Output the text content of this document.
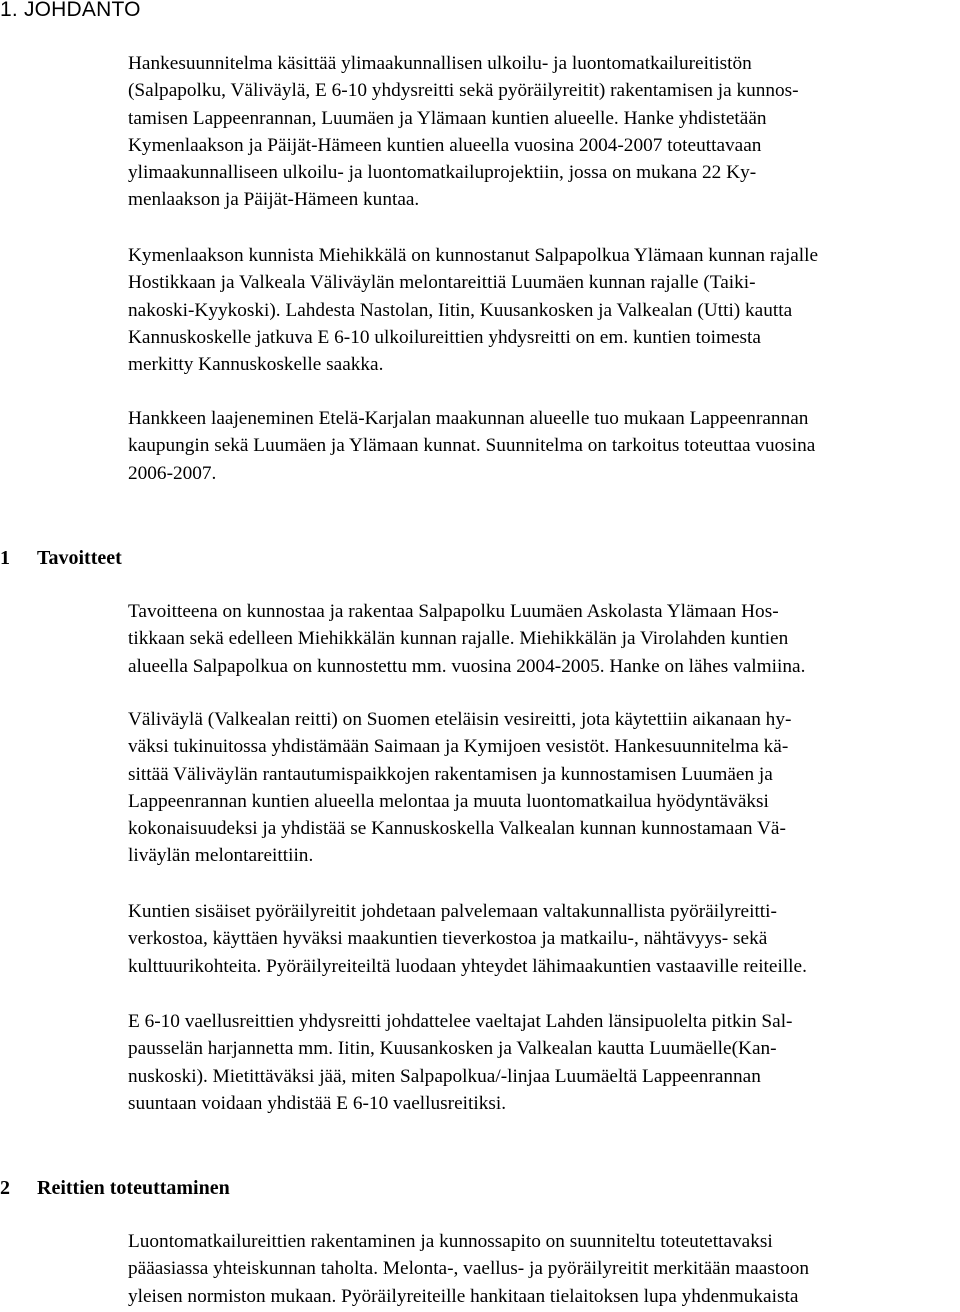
1. JOHDANTO
Hankesuunnitelma käsittää ylimaakunnallisen ulkoilu- ja luontomatkailureitistön
(Salpapolku, Väliväylä, E 6-10 yhdysreitti sekä pyöräilyreitit) rakentamisen ja kunnos-
tamisen Lappeenrannan, Luumäen ja Ylämaan kuntien alueelle. Hanke yhdistetään
Kymenlaakson ja Päijät-Hämeen kuntien alueella vuosina 2004-2007 toteuttavaan
ylimaakunnalliseen ulkoilu- ja luontomatkailuprojektiin, jossa on mukana 22 Ky-
menlaakson ja Päijät-Hämeen kuntaa.
Kymenlaakson kunnista Miehikkälä on kunnostanut Salpapolkua Ylämaan kunnan rajalle
Hostikkaan ja Valkeala Väliväylän melontareittiä Luumäen kunnan rajalle (Taiki-
nakoski-Kyykoski). Lahdesta Nastolan, Iitin, Kuusankosken ja Valkealan (Utti) kautta
Kannuskoskelle jatkuva E 6-10 ulkoilureittien yhdysreitti on em. kuntien toimesta
merkitty Kannuskoskelle saakka.
Hankkeen laajeneminen Etelä-Karjalan maakunnan alueelle tuo mukaan Lappeenrannan
kaupungin sekä Luumäen ja Ylämaan kunnat. Suunnitelma on tarkoitus toteuttaa vuosina
2006-2007.
1	Tavoitteet
Tavoitteena on kunnostaa ja rakentaa Salpapolku Luumäen Askolasta Ylämaan Hos-
tikkaan sekä edelleen Miehikkälän kunnan rajalle. Miehikkälän ja Virolahden kuntien
alueella Salpapolkua on kunnostettu mm. vuosina 2004-2005. Hanke on lähes valmiina.
Väliväylä (Valkealan reitti) on Suomen eteläisin vesireitti, jota käytettiin aikanaan hy-
väksi tukinuitossa yhdistämään Saimaan ja Kymijoen vesistöt. Hankesuunnitelma kä-
sittää Väliväylän rantautumispaikkojen rakentamisen ja kunnostamisen Luumäen ja
Lappeenrannan kuntien alueella melontaa ja muuta luontomatkailua hyödyntäväksi
kokonaisuudeksi ja yhdistää se Kannuskoskella Valkealan kunnan kunnostamaan Vä-
liväylän melontareittiin.
Kuntien sisäiset pyöräilyreitit johdetaan palvelemaan valtakunnallista pyöräilyreitti-
verkostoa, käyttäen hyväksi maakuntien tieverkostoa ja matkailu-, nähtävyys- sekä
kulttuurikohteita. Pyöräilyreiteiltä luodaan yhteydet lähimaakuntien vastaaville reiteille.
E 6-10 vaellusreittien yhdysreitti johdattelee vaeltajat Lahden länsipuolelta pitkin Sal-
pausselän harjannetta mm. Iitin, Kuusankosken ja Valkealan kautta Luumäelle(Kan-
nuskoski). Mietittäväksi jää, miten Salpapolkua/-linjaa Luumäeltä Lappeenrannan
suuntaan voidaan yhdistää E 6-10 vaellusreitiksi.
2	Reittien toteuttaminen
Luontomatkailureittien rakentaminen ja kunnossapito on suunniteltu toteutettavaksi
pääasiassa yhteiskunnan taholta. Melonta-, vaellus- ja pyöräilyreitit merkitään maastoon
yleisen normiston mukaan. Pyöräilyreiteille hankitaan tielaitoksen lupa yhdenmukaista
